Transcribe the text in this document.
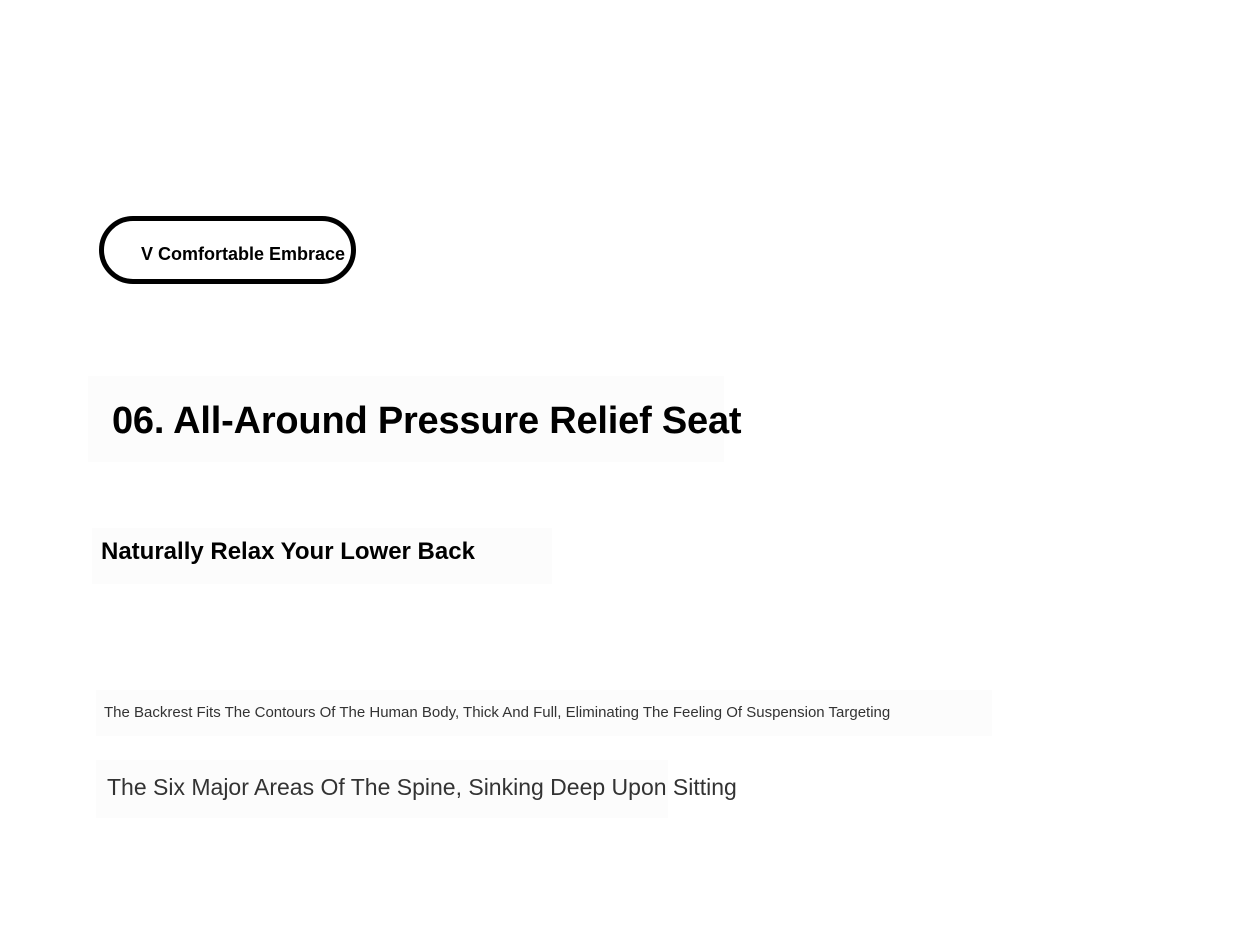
V Comfortable Embrace
06. All-Around Pressure Relief Seat
Naturally Relax Your Lower Back

The Backrest Fits The Contours Of The Human Body, Thick And Full, Eliminating The Feeling Of Suspension Targeting

The Six Major Areas Of The Spine, Sinking Deep Upon Sitting
